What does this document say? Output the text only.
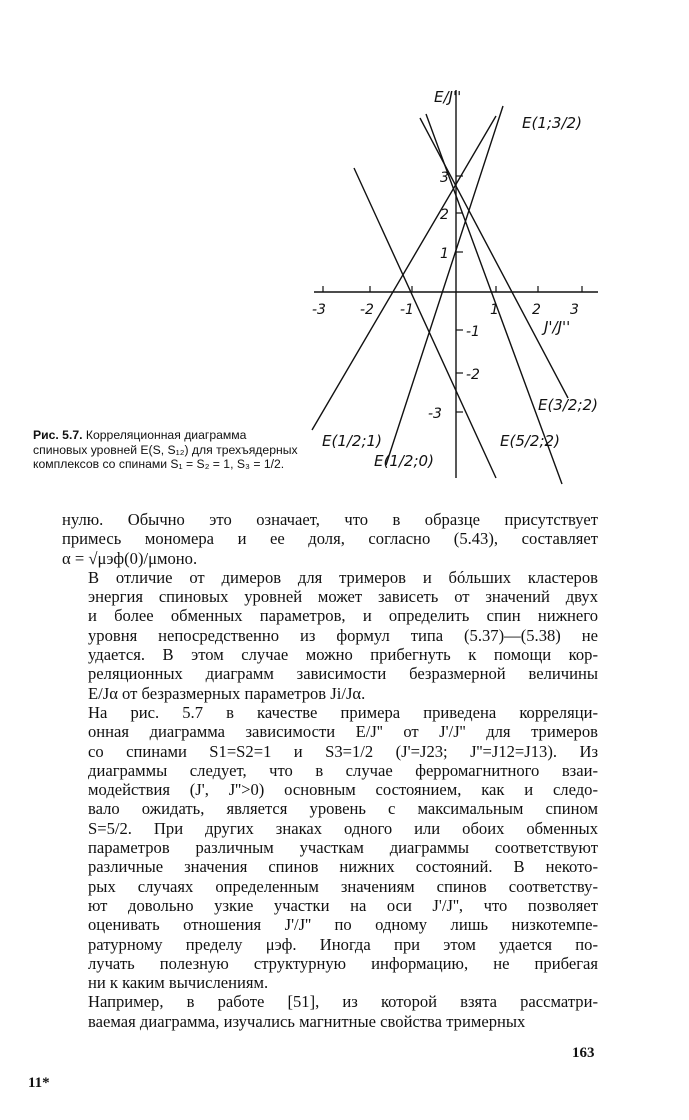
E/J''
J'/J''
-3 -2 -1	1 2 3
3
2
1
-1
-2
-3
E(1;3/2)
E(3/2;2)
E(5/2;2)
E(1/2;1)
E(1/2;0)
Рис. 5.7. Корреляционная диаграмма спиновых уровней E(S, S₁₂) для трехъядерных комплексов со спинами S₁ = S₂ = 1, S₃ = 1/2.

нулю. Обычно это означает, что в образце присутствует
примесь мономера и ее доля, согласно (5.43), составляет
α = √μэф(0)/μмоно.

В отличие от димеров для тримеров и бóльших кластеров
энергия спиновых уровней может зависеть от значений двух
и более обменных параметров, и определить спин нижнего
уровня непосредственно из формул типа (5.37)—(5.38) не
удается. В этом случае можно прибегнуть к помощи кор-
реляционных диаграмм зависимости безразмерной величины
E/Jα от безразмерных параметров Ji/Jα.

На рис. 5.7 в качестве примера приведена корреляци-
онная диаграмма зависимости E/J'' от J'/J'' для тримеров
со спинами S1=S2=1 и S3=1/2 (J'=J23; J''=J12=J13). Из
диаграммы следует, что в случае ферромагнитного взаи-
модействия (J', J''>0) основным состоянием, как и следо-
вало ожидать, является уровень с максимальным спином
S=5/2. При других знаках одного или обоих обменных
параметров различным участкам диаграммы соответствуют
различные значения спинов нижних состояний. В некото-
рых случаях определенным значениям спинов соответству-
ют довольно узкие участки на оси J'/J'', что позволяет
оценивать отношения J'/J'' по одному лишь низкотемпе-
ратурному пределу μэф. Иногда при этом удается по-
лучать полезную структурную информацию, не прибегая
ни к каким вычислениям.

Например, в работе [51], из которой взята рассматри-
ваемая диаграмма, изучались магнитные свойства тримерных

163
11*
